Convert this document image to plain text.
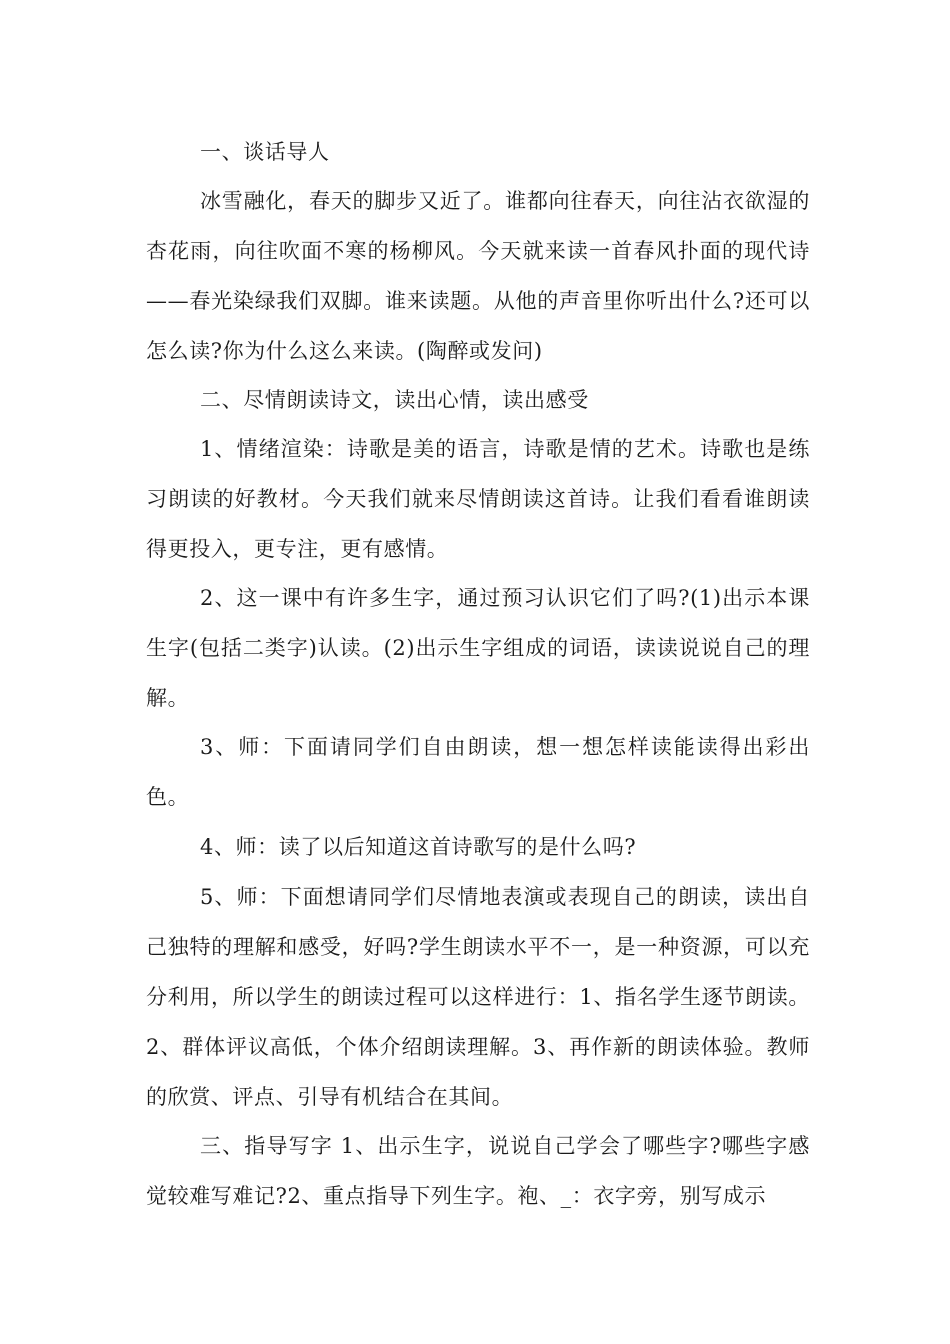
一、谈话导人

冰雪融化，春天的脚步又近了。谁都向往春天，向往沾衣欲湿的杏花雨，向往吹面不寒的杨柳风。今天就来读一首春风扑面的现代诗——春光染绿我们双脚。谁来读题。从他的声音里你听出什么?还可以怎么读?你为什么这么来读。(陶醉或发问)

二、尽情朗读诗文，读出心情，读出感受

1、情绪渲染：诗歌是美的语言，诗歌是情的艺术。诗歌也是练习朗读的好教材。今天我们就来尽情朗读这首诗。让我们看看谁朗读得更投入，更专注，更有感情。

2、这一课中有许多生字，通过预习认识它们了吗?(1)出示本课生字(包括二类字)认读。(2)出示生字组成的词语，读读说说自己的理解。

3、师：下面请同学们自由朗读，想一想怎样读能读得出彩出色。

4、师：读了以后知道这首诗歌写的是什么吗?

5、师：下面想请同学们尽情地表演或表现自己的朗读，读出自己独特的理解和感受，好吗?学生朗读水平不一，是一种资源，可以充分利用，所以学生的朗读过程可以这样进行：1、指名学生逐节朗读。2、群体评议高低，个体介绍朗读理解。3、再作新的朗读体验。教师的欣赏、评点、引导有机结合在其间。

三、指导写字 1、出示生字，说说自己学会了哪些字?哪些字感觉较难写难记?2、重点指导下列生字。袍、_：衣字旁，别写成示
